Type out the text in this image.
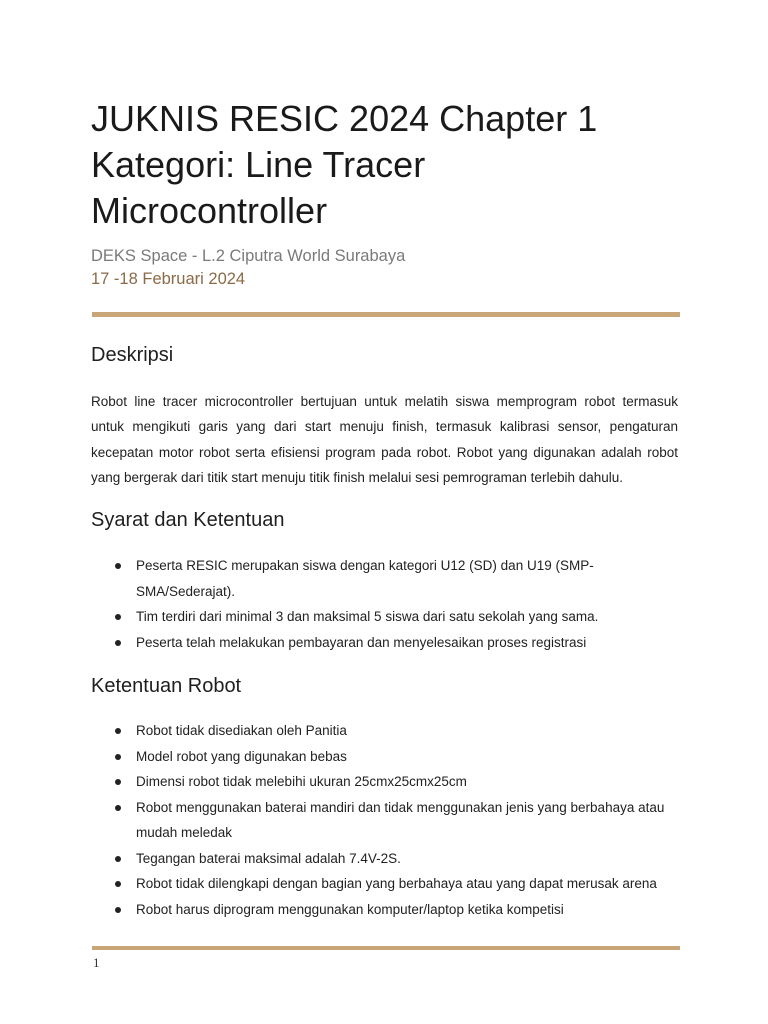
JUKNIS RESIC 2024 Chapter 1
Kategori: Line Tracer
Microcontroller
DEKS Space - L.2 Ciputra World Surabaya
17 -18 Februari 2024
Deskripsi

Robot line tracer microcontroller bertujuan untuk melatih siswa memprogram robot termasuk untuk mengikuti garis yang dari start menuju finish, termasuk kalibrasi sensor, pengaturan kecepatan motor robot serta efisiensi program pada robot. Robot yang digunakan adalah robot yang bergerak dari titik start menuju titik finish melalui sesi pemrograman terlebih dahulu.

Syarat dan Ketentuan
Peserta RESIC merupakan siswa dengan kategori U12 (SD) dan U19 (SMP-SMA/Sederajat).
Tim terdiri dari minimal 3 dan maksimal 5 siswa dari satu sekolah yang sama.
Peserta telah melakukan pembayaran dan menyelesaikan proses registrasi
Ketentuan Robot
Robot tidak disediakan oleh Panitia
Model robot yang digunakan bebas
Dimensi robot tidak melebihi ukuran 25cmx25cmx25cm
Robot menggunakan baterai mandiri dan tidak menggunakan jenis yang berbahaya atau mudah meledak
Tegangan baterai maksimal adalah 7.4V-2S.
Robot tidak dilengkapi dengan bagian yang berbahaya atau yang dapat merusak arena
Robot harus diprogram menggunakan komputer/laptop ketika kompetisi
1
